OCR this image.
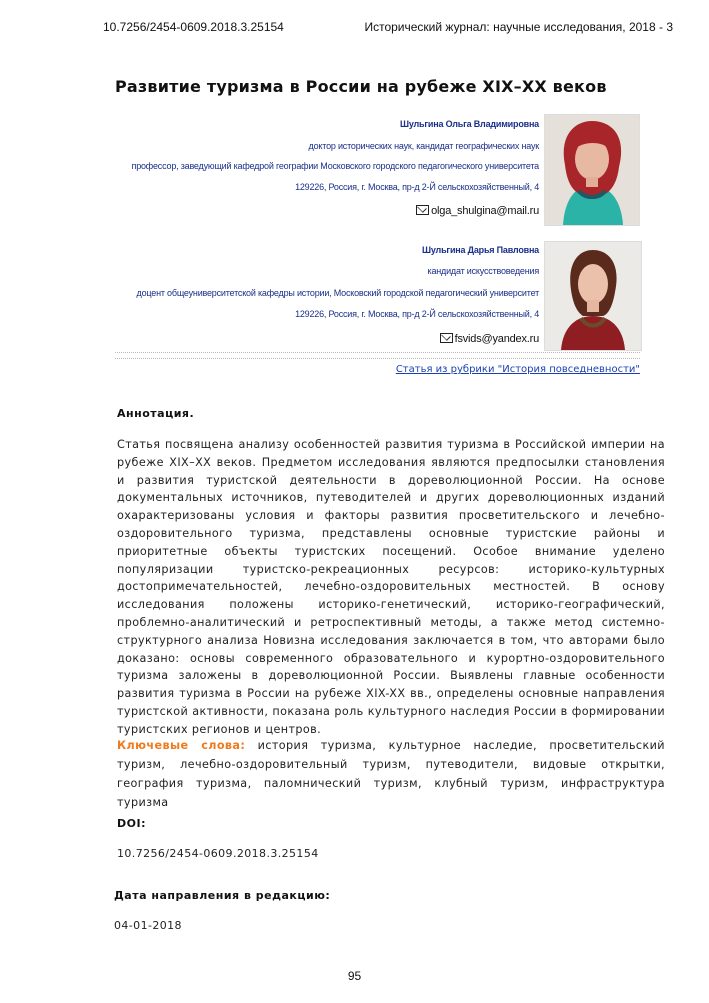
10.7256/2454-0609.2018.3.25154	Исторический журнал: научные исследования, 2018 - 3
Развитие туризма в России на рубеже XIX–XX веков
Шульгина Ольга Владимировна
доктор исторических наук, кандидат географических наук
профессор, заведующий кафедрой географии Московского городского педагогического университета
129226, Россия, г. Москва, пр-д 2-Й сельскохозяйственный, 4
olga_shulgina@mail.ru
Шульгина Дарья Павловна
кандидат искусствоведения
доцент общеуниверситетской кафедры истории, Московский городской педагогический университет
129226, Россия, г. Москва, пр-д 2-Й сельскохозяйственный, 4
fsvids@yandex.ru
Статья из рубрики "История повседневности"
Аннотация.
Статья посвящена анализу особенностей развития туризма в Российской империи на рубеже XIX–XX веков. Предметом исследования являются предпосылки становления и развития туристской деятельности в дореволюционной России. На основе документальных источников, путеводителей и других дореволюционных изданий охарактеризованы условия и факторы развития просветительского и лечебно-оздоровительного туризма, представлены основные туристские районы и приоритетные объекты туристских посещений. Особое внимание уделено популяризации туристско-рекреационных ресурсов: историко-культурных достопримечательностей, лечебно-оздоровительных местностей. В основу исследования положены историко-генетический, историко-географический, проблемно-аналитический и ретроспективный методы, а также метод системно-структурного анализа Новизна исследования заключается в том, что авторами было доказано: основы современного образовательного и курортно-оздоровительного туризма заложены в дореволюционной России. Выявлены главные особенности развития туризма в России на рубеже XIX-XX вв., определены основные направления туристской активности, показана роль культурного наследия России в формировании туристских регионов и центров.
Ключевые слова: история туризма, культурное наследие, просветительский туризм, лечебно-оздоровительный туризм, путеводители, видовые открытки, география туризма, паломнический туризм, клубный туризм, инфраструктура туризма
DOI:
10.7256/2454-0609.2018.3.25154
Дата направления в редакцию:
04-01-2018
95
